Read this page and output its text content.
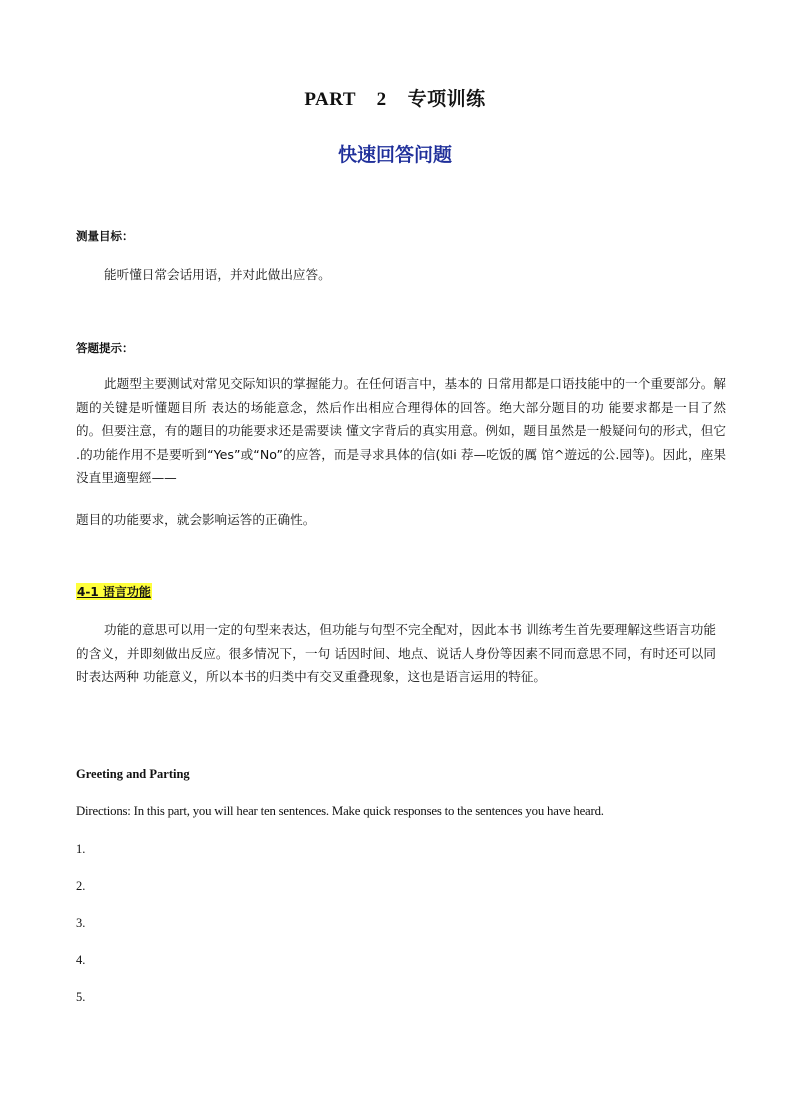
PART    2    专项训练
快速回答问题
测量目标：
能听懂日常会话用语，并对此做出应答。
答题提示：
此题型主要测试对常见交际知识的掌握能力。在任何语言中，基本的 日常用都是口语技能中的一个重要部分。解题的关键是听懂题目所 表达的场能意念，然后作出相应合理得体的回答。绝大部分题目的功 能要求都是一目了然的。但要注意，有的题目的功能要求还是需要读 懂文字背后的真实用意。例如，题目虽然是一般疑问句的形式，但它 .的功能作用不是要听到“Yes”或“No”的应答，而是寻求具体的信(如i 荐—吃饭的厲 馆^遊远的公.园等)。因此，座果没直里適聖經——
题目的功能要求，就会影响运答的正确性。
4-1 语言功能
功能的意思可以用一定的句型来表达，但功能与句型不完全配对，因此本书 训练考生首先要理解这些语言功能的含义，并即刻做出反应。很多情况下，一句 话因时间、地点、说话人身份等因素不同而意思不同，有时还可以同时表达两种 功能意义，所以本书的归类中有交叉重叠现象，这也是语言运用的特征。
Greeting and Parting
Directions: In this part, you will hear ten sentences. Make quick responses to the sentences you have heard.
1.
2.
3.
4.
5.
